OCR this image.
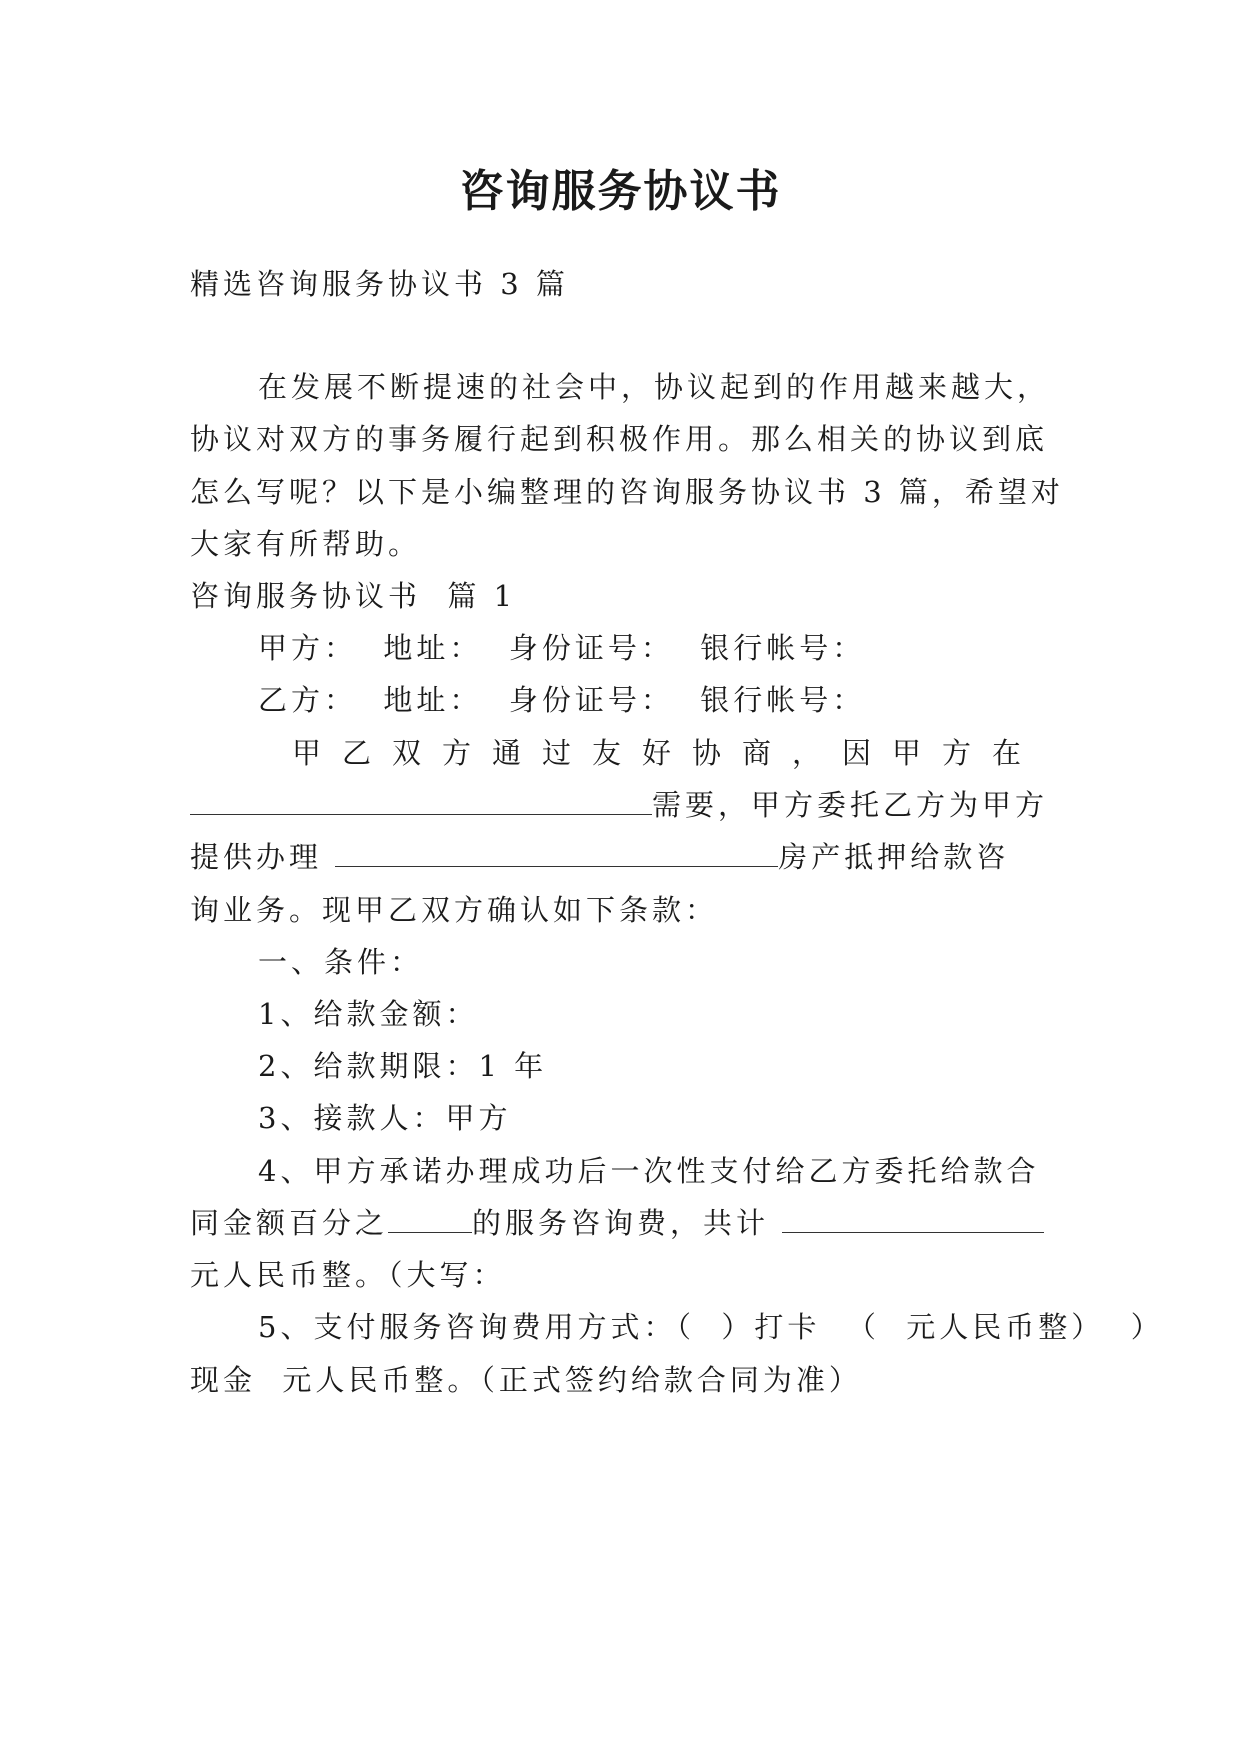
咨询服务协议书
精选咨询服务协议书 3 篇
在发展不断提速的社会中，协议起到的作用越来越大，
协议对双方的事务履行起到积极作用。那么相关的协议到底
怎么写呢？以下是小编整理的咨询服务协议书 3 篇，希望对
大家有所帮助。
咨询服务协议书  篇 1
甲方：  地址：  身份证号：  银行帐号：
乙方：  地址：  身份证号：  银行帐号：
甲乙双方通过友好协商，因甲方在
需要，甲方委托乙方为甲方
提供办理	房产抵押给款咨
询业务。现甲乙双方确认如下条款：
一、条件：
1、给款金额：
2、给款期限：1 年
3、接款人：甲方
4、甲方承诺办理成功后一次性支付给乙方委托给款合
同金额百分之	的服务咨询费，共计
元人民币整。（大写：
5、支付服务咨询费用方式：（  ）打卡  （  元人民币整）  ）
现金  元人民币整。（正式签约给款合同为准）
